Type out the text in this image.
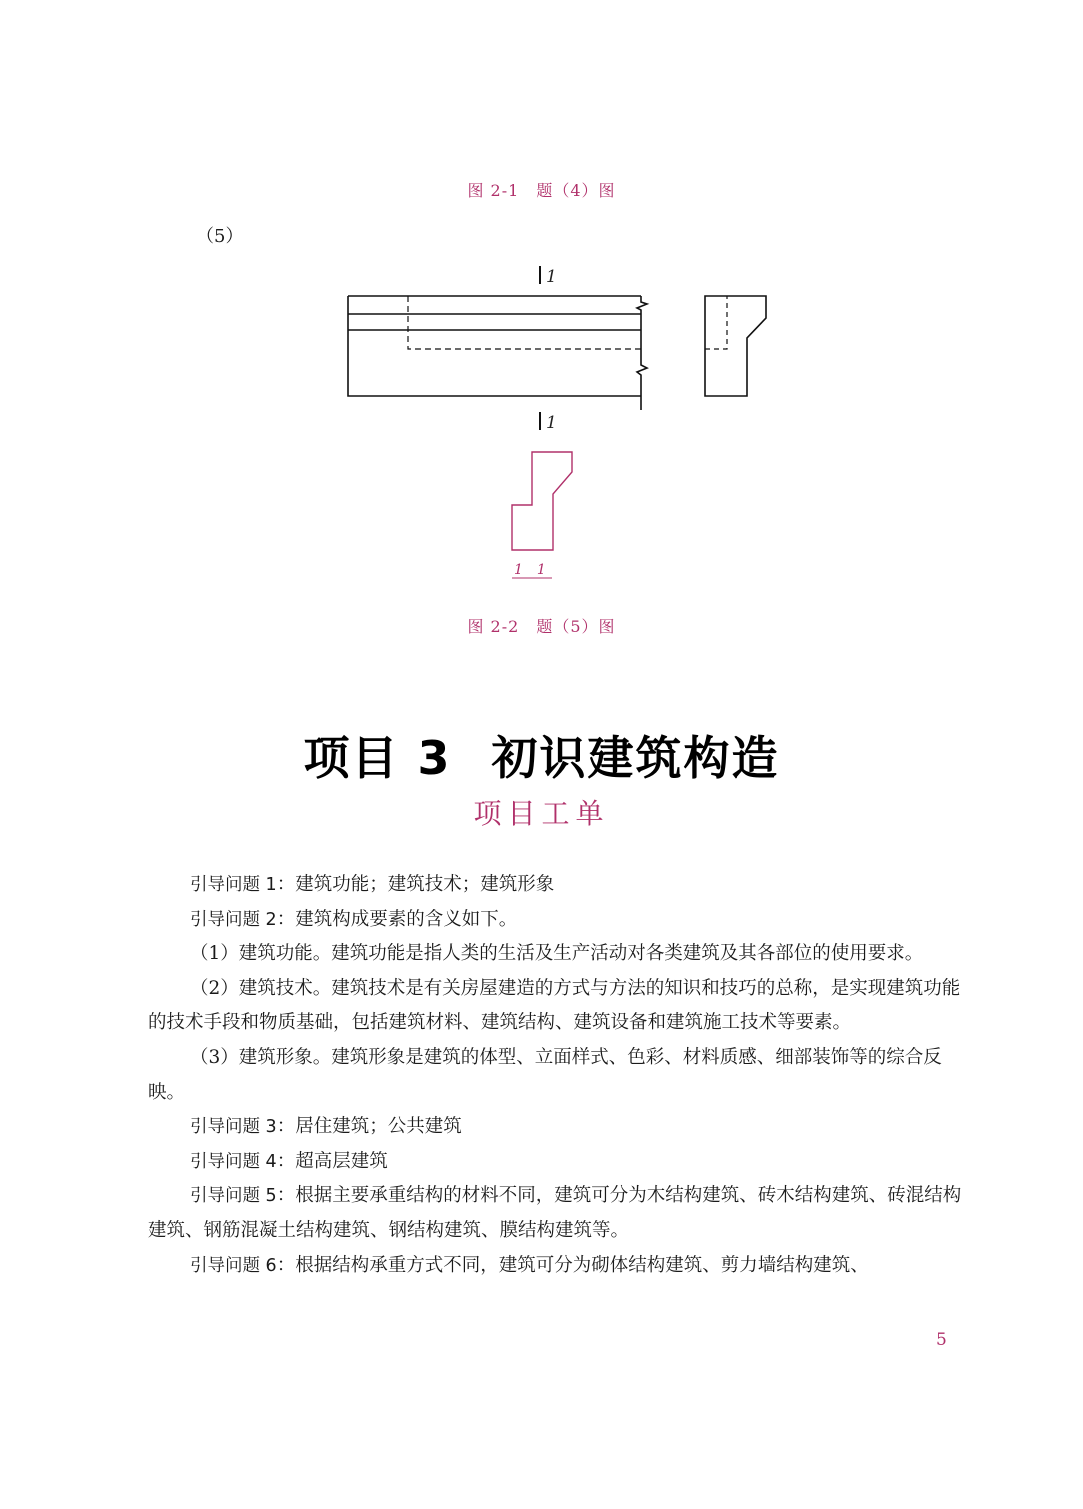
图 2-1　题（4）图
（5）
1
1
1　1
图 2-2　题（5）图
项目 3 初识建筑构造
项目工单

引导问题 1：建筑功能；建筑技术；建筑形象

引导问题 2：建筑构成要素的含义如下。

（1）建筑功能。建筑功能是指人类的生活及生产活动对各类建筑及其各部位的使用要求。

（2）建筑技术。建筑技术是有关房屋建造的方式与方法的知识和技巧的总称，是实现建筑功能的技术手段和物质基础，包括建筑材料、建筑结构、建筑设备和建筑施工技术等要素。

（3）建筑形象。建筑形象是建筑的体型、立面样式、色彩、材料质感、细部装饰等的综合反映。

引导问题 3：居住建筑；公共建筑

引导问题 4：超高层建筑

引导问题 5：根据主要承重结构的材料不同，建筑可分为木结构建筑、砖木结构建筑、砖混结构建筑、钢筋混凝土结构建筑、钢结构建筑、膜结构建筑等。

引导问题 6：根据结构承重方式不同，建筑可分为砌体结构建筑、剪力墙结构建筑、

5
